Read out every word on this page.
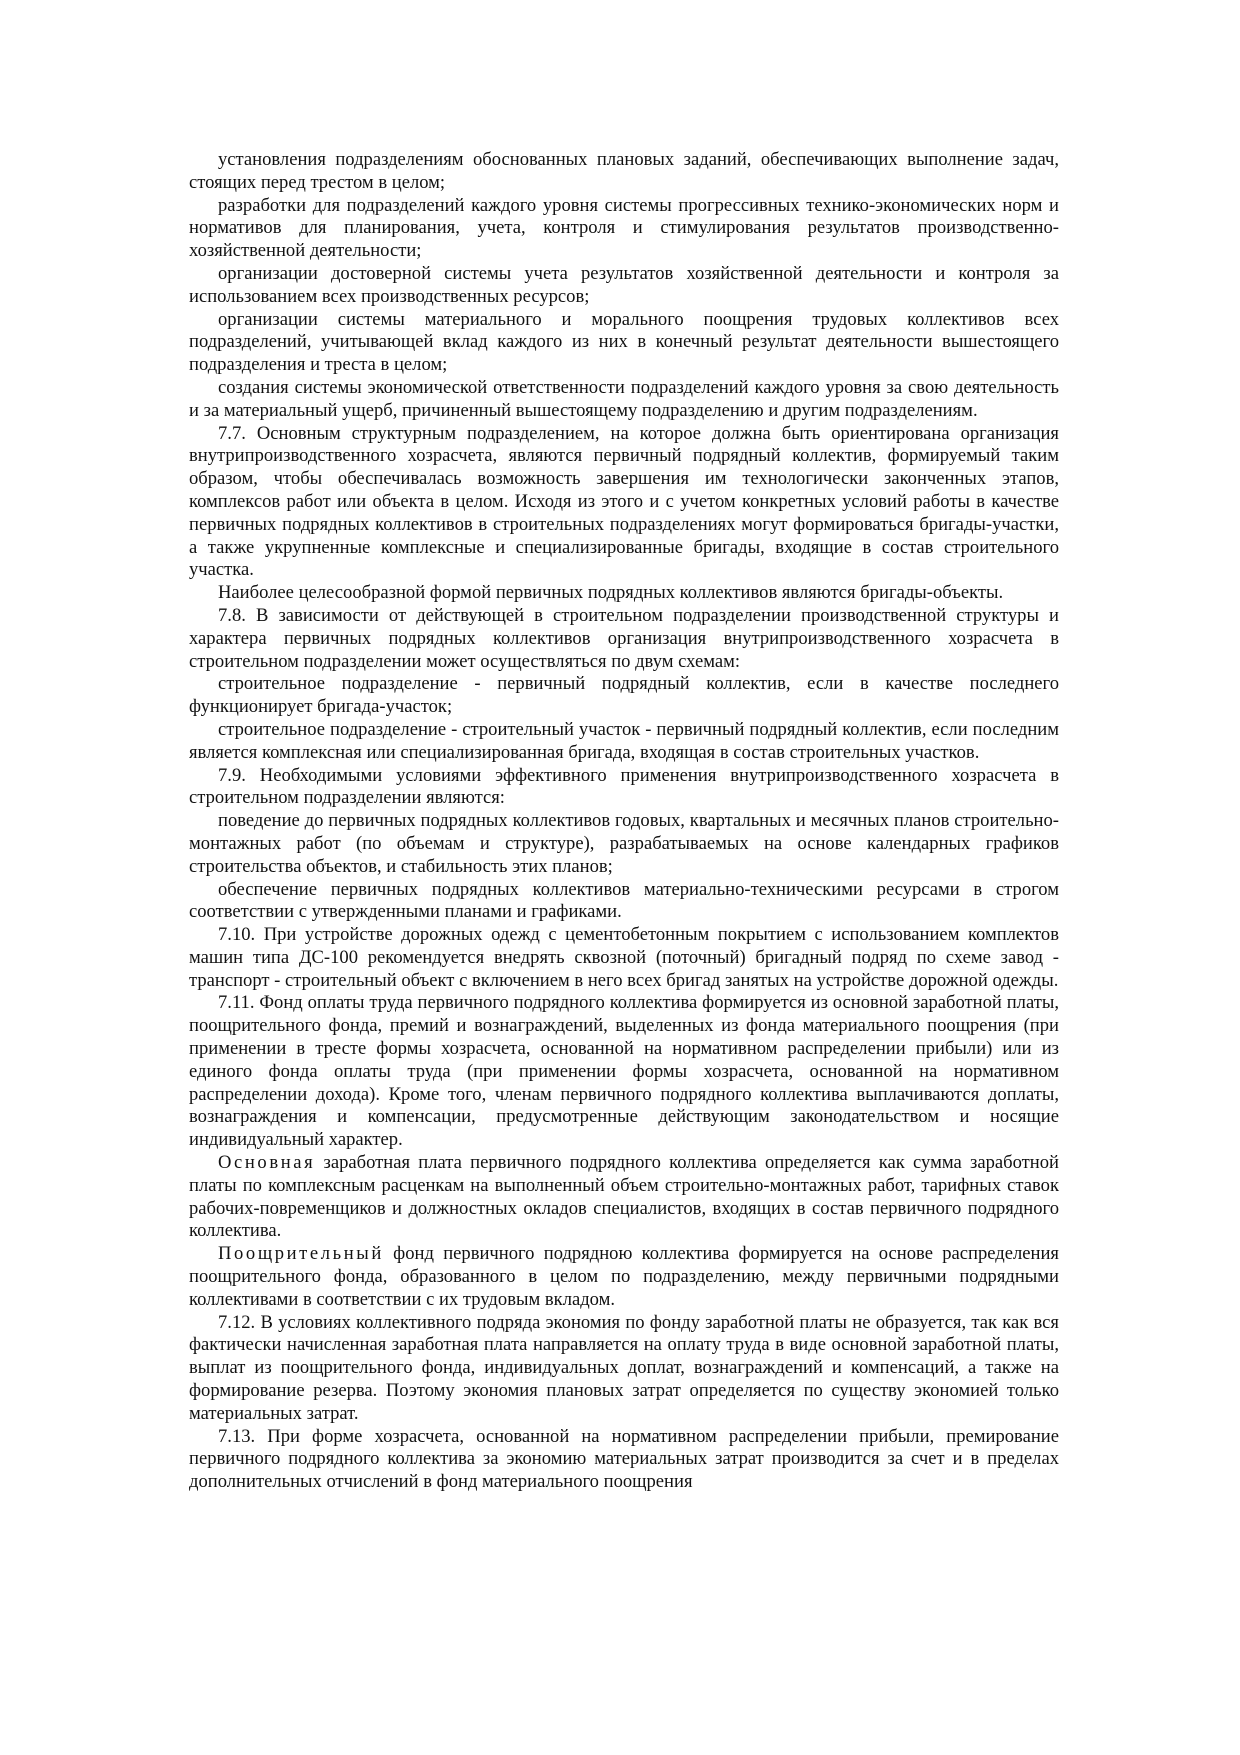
установления подразделениям обоснованных плановых заданий, обеспечивающих выполнение задач, стоящих перед трестом в целом;

разработки для подразделений каждого уровня системы прогрессивных технико-экономических норм и нормативов для планирования, учета, контроля и стимулирования результатов производственно-хозяйственной деятельности;

организации достоверной системы учета результатов хозяйственной деятельности и контроля за использованием всех производственных ресурсов;

организации системы материального и морального поощрения трудовых коллективов всех подразделений, учитывающей вклад каждого из них в конечный результат деятельности вышестоящего подразделения и треста в целом;

создания системы экономической ответственности подразделений каждого уровня за свою деятельность и за материальный ущерб, причиненный вышестоящему подразделению и другим подразделениям.

7.7. Основным структурным подразделением, на которое должна быть ориентирована организация внутрипроизводственного хозрасчета, являются первичный подрядный коллектив, формируемый таким образом, чтобы обеспечивалась возможность завершения им технологически законченных этапов, комплексов работ или объекта в целом. Исходя из этого и с учетом конкретных условий работы в качестве первичных подрядных коллективов в строительных подразделениях могут формироваться бригады-участки, а также укрупненные комплексные и специализированные бригады, входящие в состав строительного участка.

Наиболее целесообразной формой первичных подрядных коллективов являются бригады-объекты.

7.8. В зависимости от действующей в строительном подразделении производственной структуры и характера первичных подрядных коллективов организация внутрипроизводственного хозрасчета в строительном подразделении может осуществляться по двум схемам:

строительное подразделение - первичный подрядный коллектив, если в качестве последнего функционирует бригада-участок;

строительное подразделение - строительный участок - первичный подрядный коллектив, если последним является комплексная или специализированная бригада, входящая в состав строительных участков.

7.9. Необходимыми условиями эффективного применения внутрипроизводственного хозрасчета в строительном подразделении являются:

поведение до первичных подрядных коллективов годовых, квартальных и месячных планов строительно-монтажных работ (по объемам и структуре), разрабатываемых на основе календарных графиков строительства объектов, и стабильность этих планов;

обеспечение первичных подрядных коллективов материально-техническими ресурсами в строгом соответствии с утвержденными планами и графиками.

7.10. При устройстве дорожных одежд с цементобетонным покрытием с использованием комплектов машин типа ДС-100 рекомендуется внедрять сквозной (поточный) бригадный подряд по схеме завод - транспорт - строительный объект с включением в него всех бригад занятых на устройстве дорожной одежды.

7.11. Фонд оплаты труда первичного подрядного коллектива формируется из основной заработной платы, поощрительного фонда, премий и вознаграждений, выделенных из фонда материального поощрения (при применении в тресте формы хозрасчета, основанной на нормативном распределении прибыли) или из единого фонда оплаты труда (при применении формы хозрасчета, основанной на нормативном распределении дохода). Кроме того, членам первичного подрядного коллектива выплачиваются доплаты, вознаграждения и компенсации, предусмотренные действующим законодательством и носящие индивидуальный характер.

Основная заработная плата первичного подрядного коллектива определяется как сумма заработной платы по комплексным расценкам на выполненный объем строительно-монтажных работ, тарифных ставок рабочих-повременщиков и должностных окладов специалистов, входящих в состав первичного подрядного коллектива.

Поощрительный фонд первичного подрядною коллектива формируется на основе распределения поощрительного фонда, образованного в целом по подразделению, между первичными подрядными коллективами в соответствии с их трудовым вкладом.

7.12. В условиях коллективного подряда экономия по фонду заработной платы не образуется, так как вся фактически начисленная заработная плата направляется на оплату труда в виде основной заработной платы, выплат из поощрительного фонда, индивидуальных доплат, вознаграждений и компенсаций, а также на формирование резерва. Поэтому экономия плановых затрат определяется по существу экономией только материальных затрат.

7.13. При форме хозрасчета, основанной на нормативном распределении прибыли, премирование первичного подрядного коллектива за экономию материальных затрат производится за счет и в пределах дополнительных отчислений в фонд материального поощрения
